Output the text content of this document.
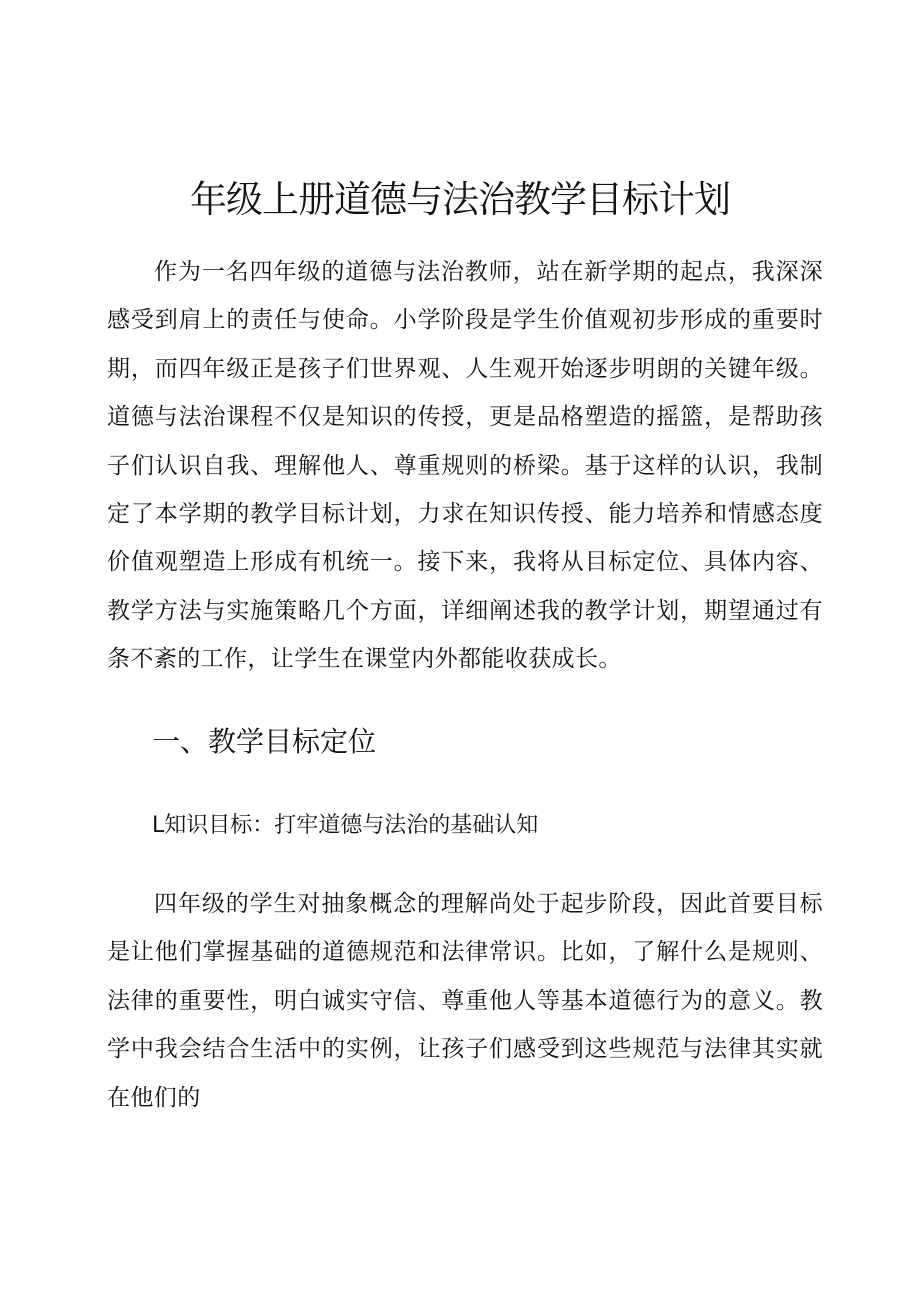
年级上册道德与法治教学目标计划

作为一名四年级的道德与法治教师，站在新学期的起点，我深深感受到肩上的责任与使命。小学阶段是学生价值观初步形成的重要时期，而四年级正是孩子们世界观、人生观开始逐步明朗的关键年级。道德与法治课程不仅是知识的传授，更是品格塑造的摇篮，是帮助孩子们认识自我、理解他人、尊重规则的桥梁。基于这样的认识，我制定了本学期的教学目标计划，力求在知识传授、能力培养和情感态度价值观塑造上形成有机统一。接下来，我将从目标定位、具体内容、教学方法与实施策略几个方面，详细阐述我的教学计划，期望通过有条不紊的工作，让学生在课堂内外都能收获成长。

一、教学目标定位
L知识目标：打牢道德与法治的基础认知

四年级的学生对抽象概念的理解尚处于起步阶段，因此首要目标是让他们掌握基础的道德规范和法律常识。比如，了解什么是规则、法律的重要性，明白诚实守信、尊重他人等基本道德行为的意义。教学中我会结合生活中的实例，让孩子们感受到这些规范与法律其实就在他们的
